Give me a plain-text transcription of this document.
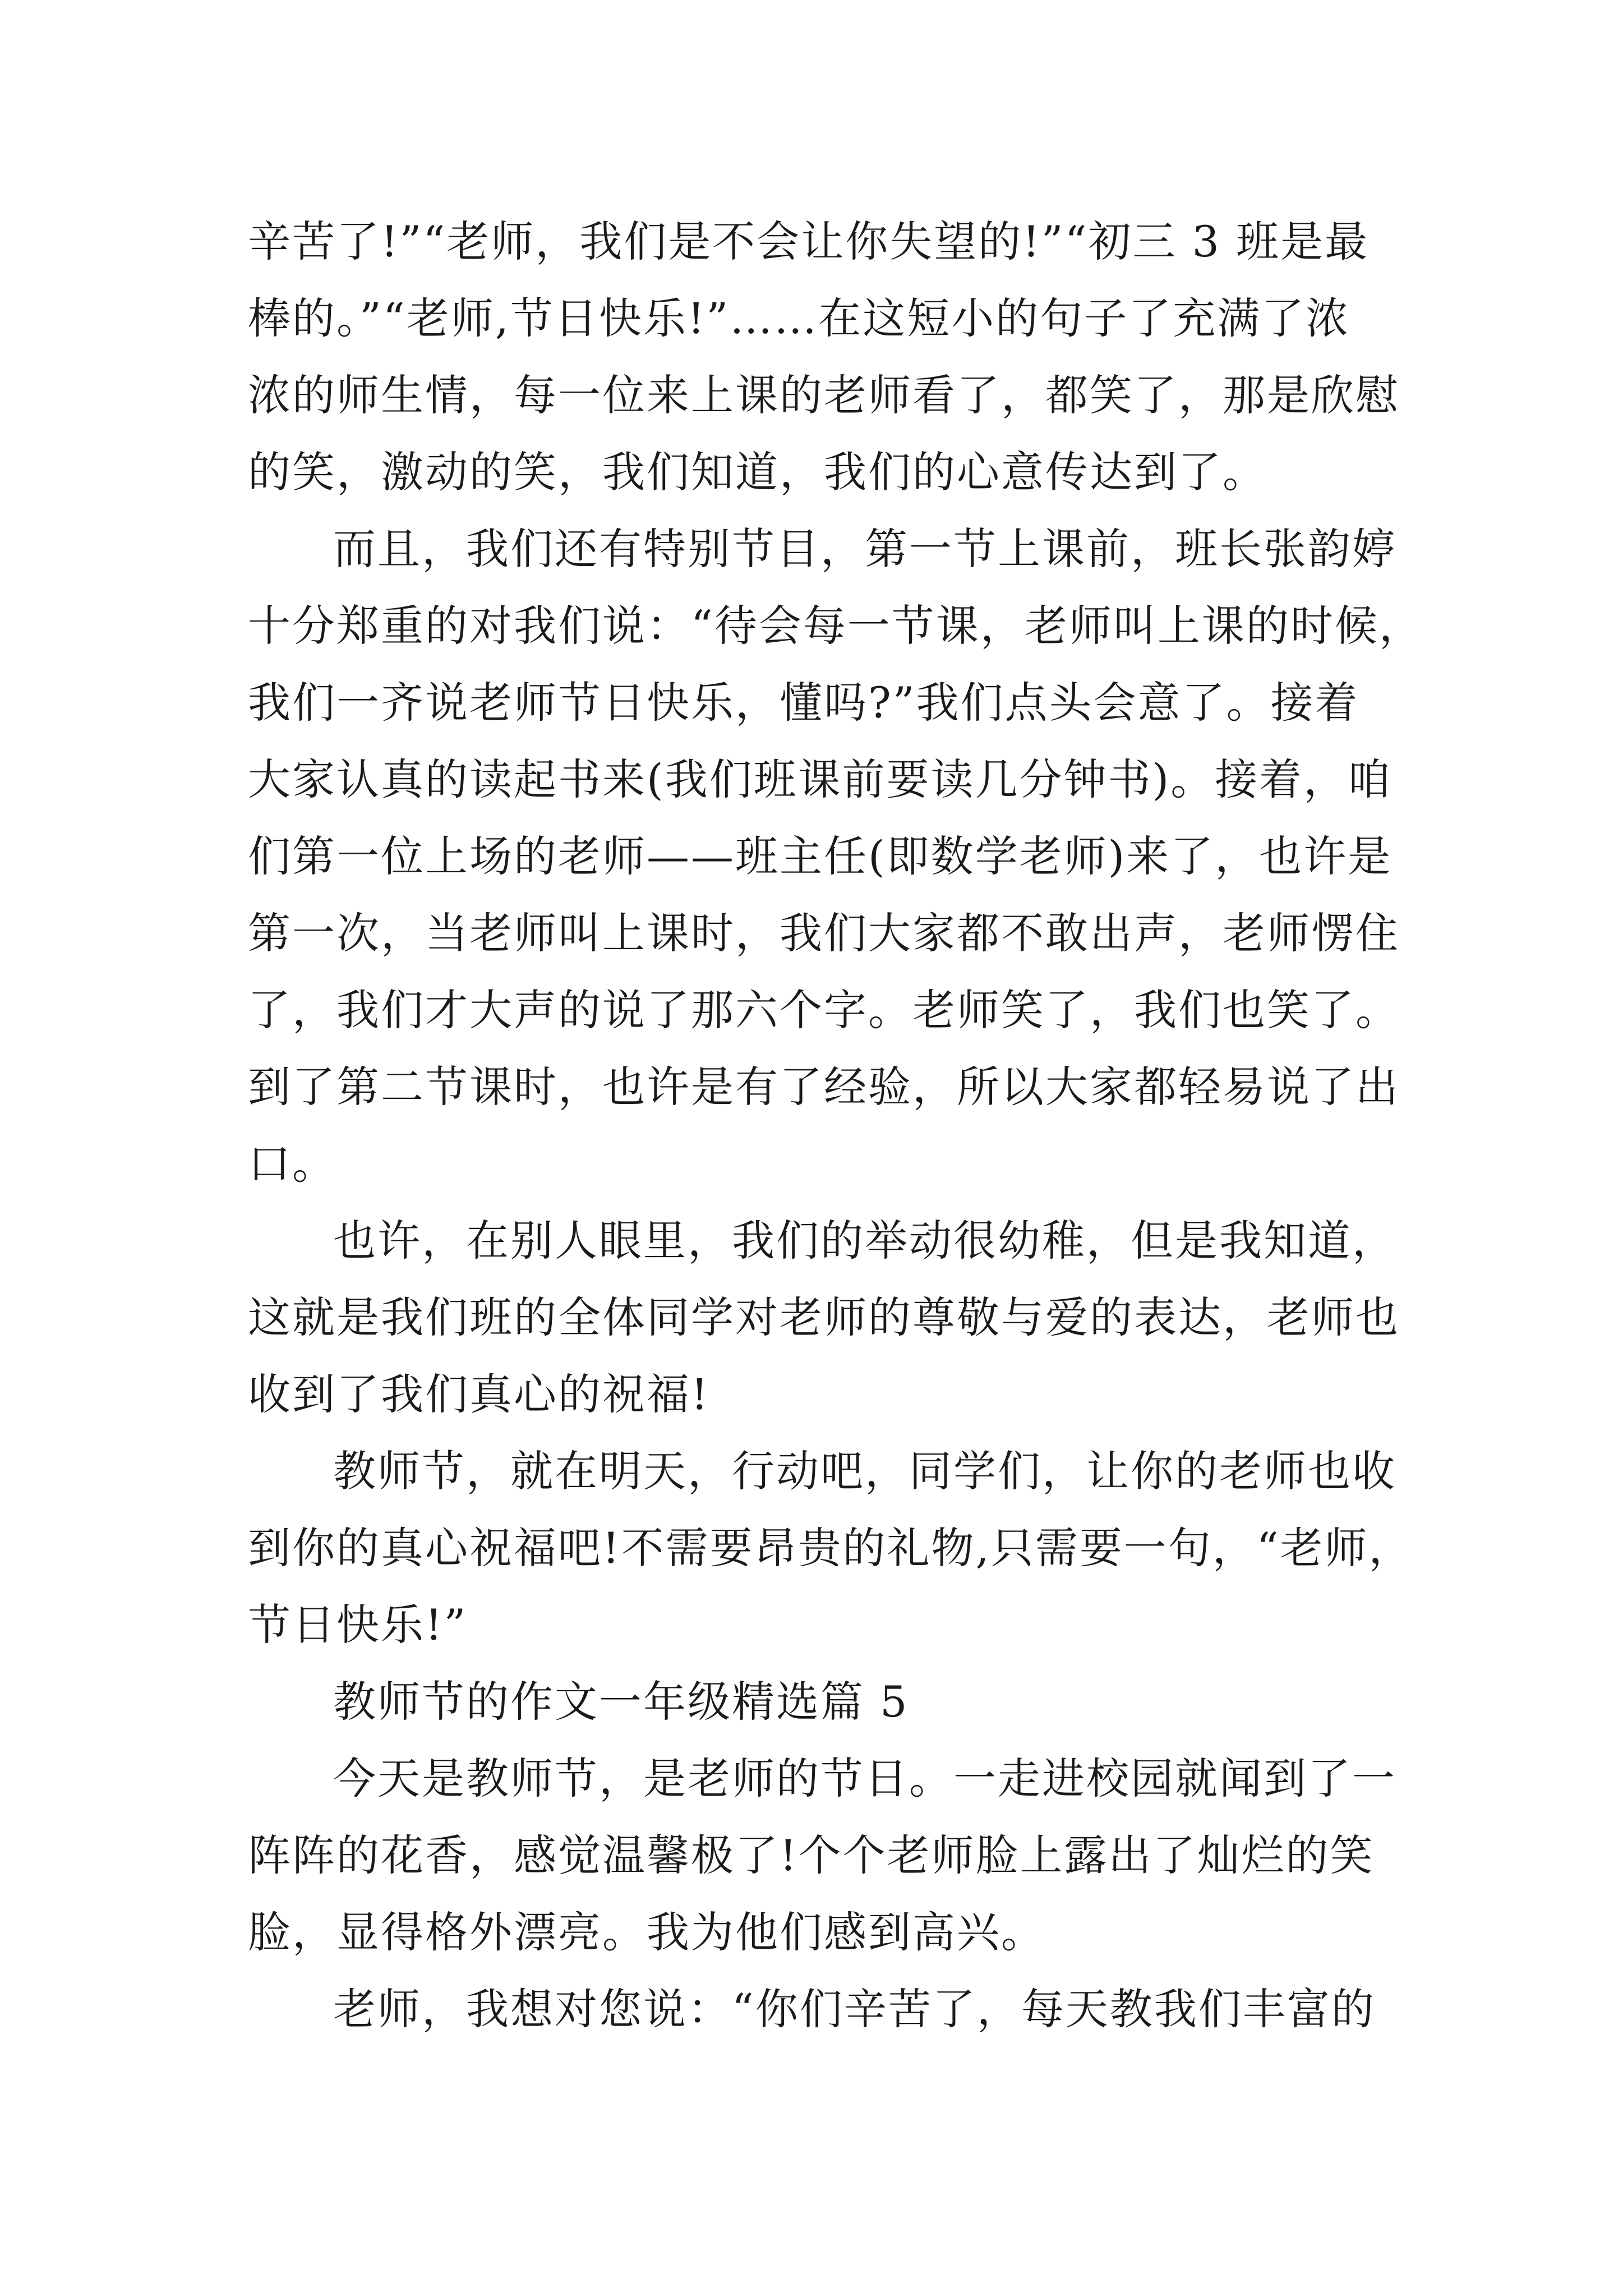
辛苦了!”“老师，我们是不会让你失望的!”“初三 3 班是最
棒的。”“老师,节日快乐!”……在这短小的句子了充满了浓
浓的师生情，每一位来上课的老师看了，都笑了，那是欣慰
的笑，激动的笑，我们知道，我们的心意传达到了。
而且，我们还有特别节目，第一节上课前，班长张韵婷
十分郑重的对我们说：“待会每一节课，老师叫上课的时候，
我们一齐说老师节日快乐，懂吗?”我们点头会意了。接着
大家认真的读起书来(我们班课前要读几分钟书)。接着，咱
们第一位上场的老师——班主任(即数学老师)来了，也许是
第一次，当老师叫上课时，我们大家都不敢出声，老师愣住
了，我们才大声的说了那六个字。老师笑了，我们也笑了。
到了第二节课时，也许是有了经验，所以大家都轻易说了出
口。
也许，在别人眼里，我们的举动很幼稚，但是我知道，
这就是我们班的全体同学对老师的尊敬与爱的表达，老师也
收到了我们真心的祝福!
教师节，就在明天，行动吧，同学们，让你的老师也收
到你的真心祝福吧!不需要昂贵的礼物,只需要一句，“老师，
节日快乐!”
教师节的作文一年级精选篇 5
今天是教师节，是老师的节日。一走进校园就闻到了一
阵阵的花香，感觉温馨极了!个个老师脸上露出了灿烂的笑
脸，显得格外漂亮。我为他们感到高兴。
老师，我想对您说：“你们辛苦了，每天教我们丰富的
